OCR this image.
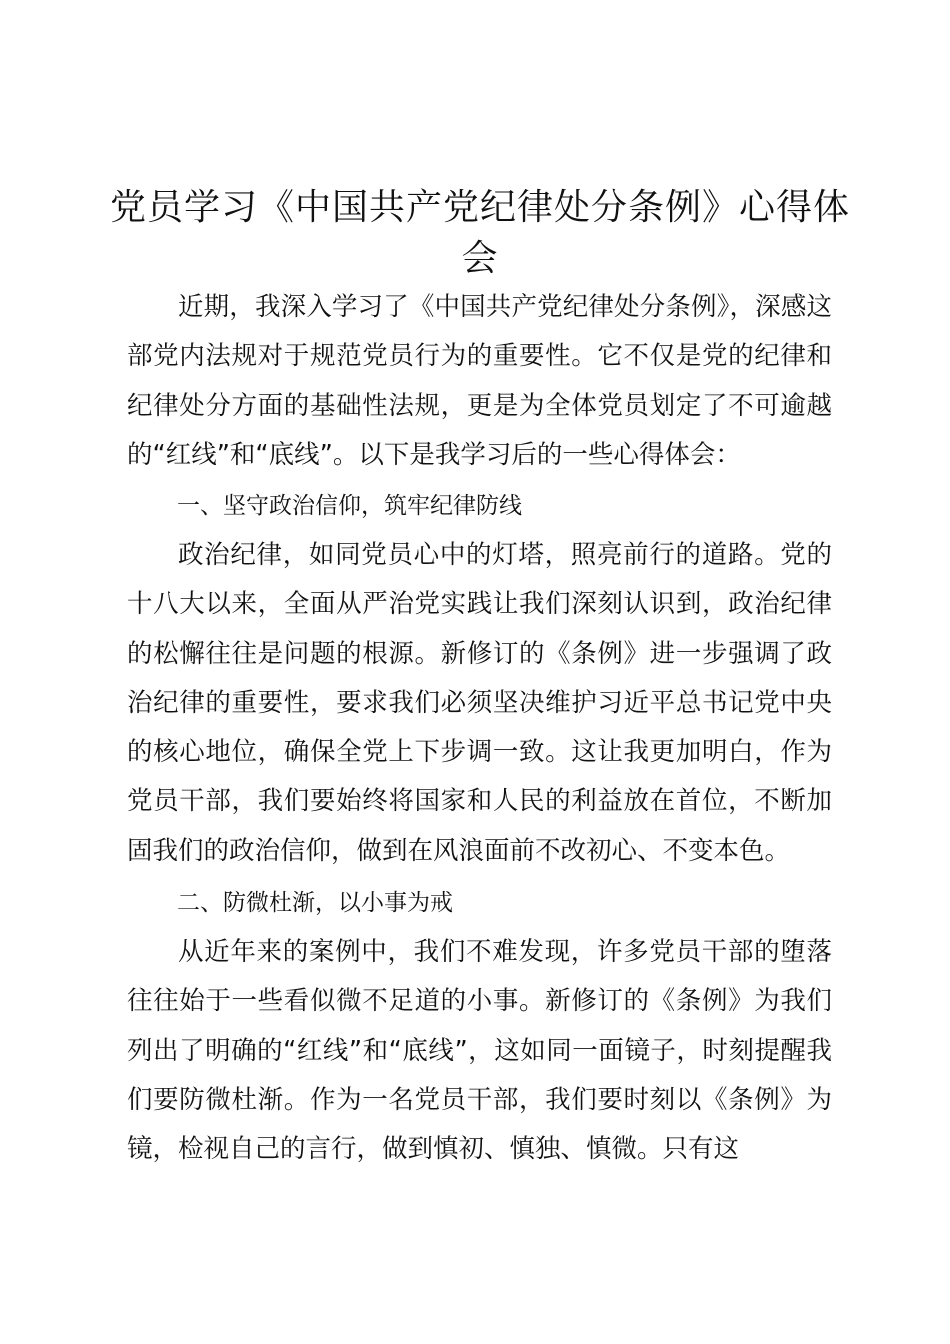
党员学习《中国共产党纪律处分条例》心得体会

近期，我深入学习了《中国共产党纪律处分条例》，深感这部党内法规对于规范党员行为的重要性。它不仅是党的纪律和纪律处分方面的基础性法规，更是为全体党员划定了不可逾越的“红线”和“底线”。以下是我学习后的一些心得体会：

一、坚守政治信仰，筑牢纪律防线

政治纪律，如同党员心中的灯塔，照亮前行的道路。党的十八大以来，全面从严治党实践让我们深刻认识到，政治纪律的松懈往往是问题的根源。新修订的《条例》进一步强调了政治纪律的重要性，要求我们必须坚决维护习近平总书记党中央的核心地位，确保全党上下步调一致。这让我更加明白，作为党员干部，我们要始终将国家和人民的利益放在首位，不断加固我们的政治信仰，做到在风浪面前不改初心、不变本色。

二、防微杜渐，以小事为戒

从近年来的案例中，我们不难发现，许多党员干部的堕落往往始于一些看似微不足道的小事。新修订的《条例》为我们列出了明确的“红线”和“底线”，这如同一面镜子，时刻提醒我们要防微杜渐。作为一名党员干部，我们要时刻以《条例》为镜，检视自己的言行，做到慎初、慎独、慎微。只有这
